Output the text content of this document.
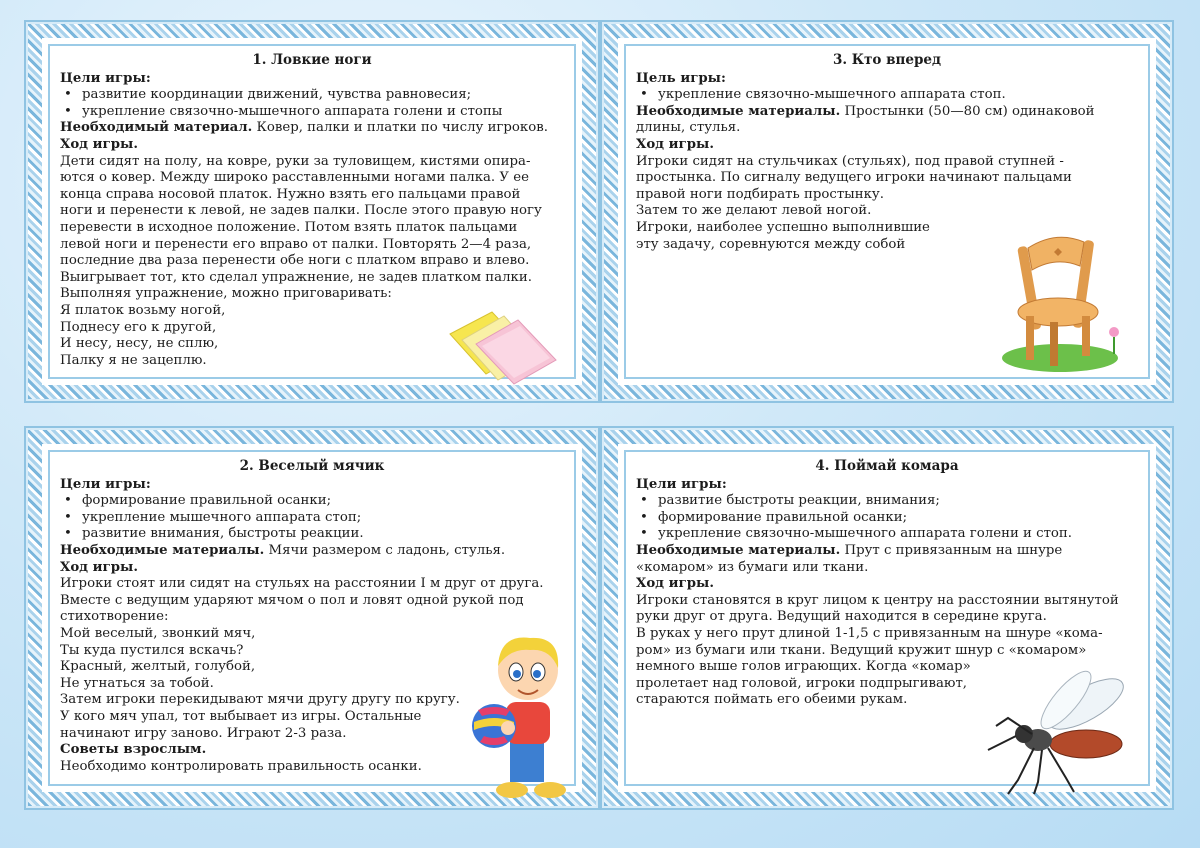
1. Ловкие ноги

Цели игры:

• развитие координации движений, чувства равновесия;

• укрепление связочно-мышечного аппарата голени и стопы

Необходимый материал. Ковер, палки и платки по числу игроков.

Ход игры.

Дети сидят на полу, на ковре, руки за туловищем, кистями опира-

ются о ковер. Между широко расставленными ногами палка. У ее

конца справа носовой платок. Нужно взять его пальцами правой

ноги и перенести к левой, не задев палки. После этого правую ногу

перевести в исходное положение. Потом взять платок пальцами

левой ноги и перенести его вправо от палки. Повторять 2—4 раза,

последние два раза перенести обе ноги с платком вправо и влево.

Выигрывает тот, кто сделал упражнение, не задев платком палки.

Выполняя упражнение, можно приговаривать:

Я платок возьму ногой,

Поднесу его к другой,

И несу, несу, не сплю,

Палку я не зацеплю.

3. Кто вперед

Цель игры:

• укрепление связочно-мышечного аппарата стоп.

Необходимые материалы. Простынки (50—80 см) одинаковой

длины, стулья.

Ход игры.

Игроки сидят на стульчиках (стульях), под правой ступней -

простынка. По сигналу ведущего игроки начинают пальцами

правой ноги подбирать простынку.

Затем то же делают левой ногой.

Игроки, наиболее успешно выполнившие

эту задачу, соревнуются между собой

2. Веселый мячик

Цели игры:

• формирование правильной осанки;

• укрепление мышечного аппарата стоп;

• развитие внимания, быстроты реакции.

Необходимые материалы. Мячи размером с ладонь, стулья.

Ход игры.

Игроки стоят или сидят на стульях на расстоянии I м друг от друга.

Вместе с ведущим ударяют мячом о пол и ловят одной рукой под

стихотворение:

Мой веселый, звонкий мяч,

Ты куда пустился вскачь?

Красный, желтый, голубой,

Не угнаться за тобой.

Затем игроки перекидывают мячи другу другу по кругу.

У кого мяч упал, тот выбывает из игры. Остальные

начинают игру заново. Играют 2-3 раза.

Советы взрослым.

Необходимо контролировать правильность осанки.

4. Поймай комара

Цели игры:

• развитие быстроты реакции, внимания;

• формирование правильной осанки;

• укрепление связочно-мышечного аппарата голени и стоп.

Необходимые материалы. Прут с привязанным на шнуре

«комаром» из бумаги или ткани.

Ход игры.

Игроки становятся в круг лицом к центру на расстоянии вытянутой

руки друг от друга. Ведущий находится в середине круга.

В руках у него прут длиной 1-1,5 с привязанным на шнуре «кома-

ром» из бумаги или ткани. Ведущий кружит шнур с «комаром»

немного выше голов играющих. Когда «комар»

пролетает над головой, игроки подпрыгивают,

стараются поймать его обеими рукам.
